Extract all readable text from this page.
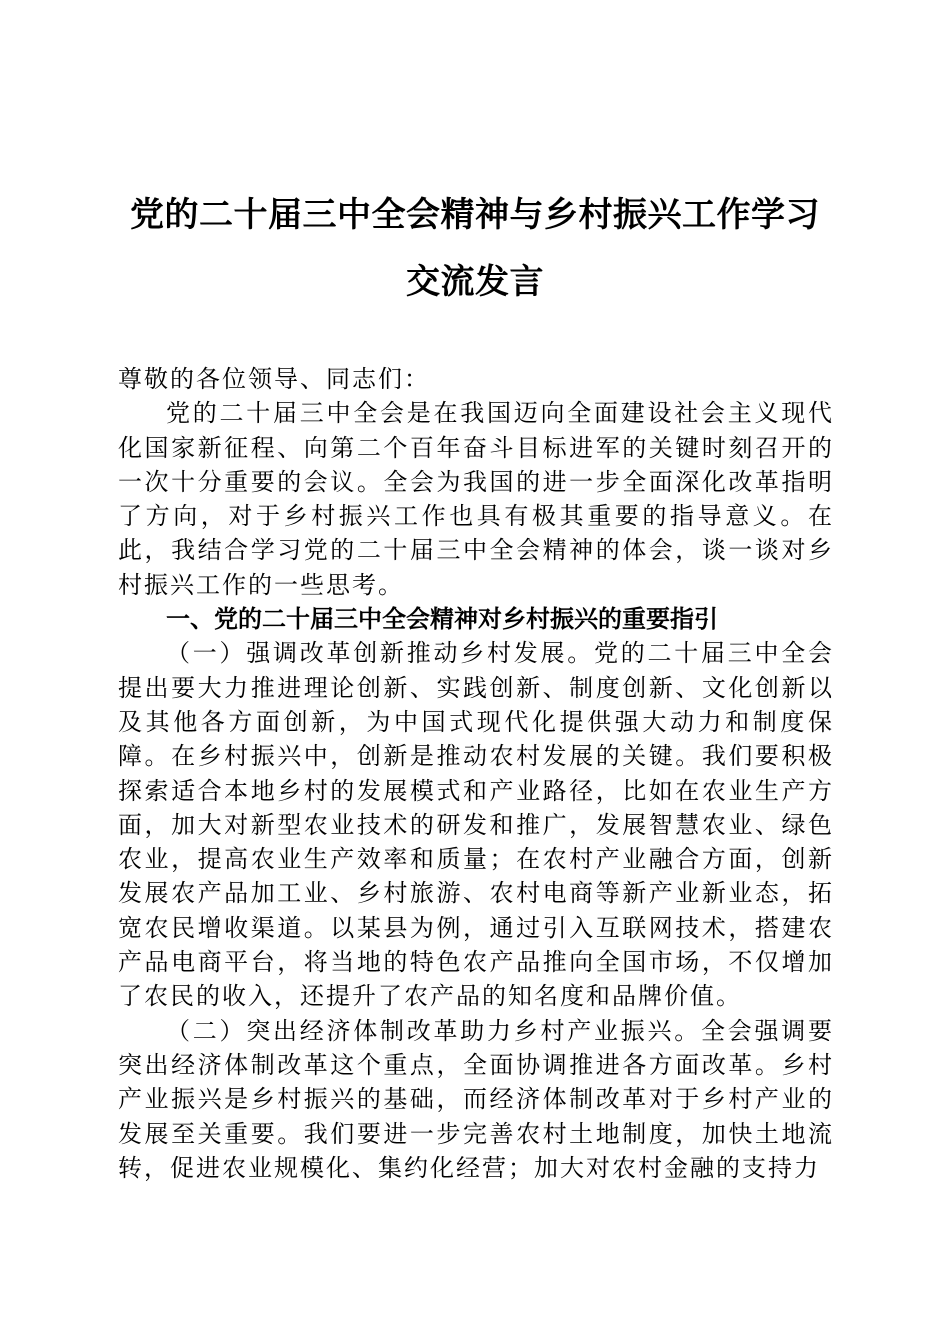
党的二十届三中全会精神与乡村振兴工作学习
交流发言

尊敬的各位领导、同志们：

党的二十届三中全会是在我国迈向全面建设社会主义现代化国家新征程、向第二个百年奋斗目标进军的关键时刻召开的一次十分重要的会议。全会为我国的进一步全面深化改革指明了方向，对于乡村振兴工作也具有极其重要的指导意义。在此，我结合学习党的二十届三中全会精神的体会，谈一谈对乡村振兴工作的一些思考。

一、党的二十届三中全会精神对乡村振兴的重要指引

（一）强调改革创新推动乡村发展。党的二十届三中全会提出要大力推进理论创新、实践创新、制度创新、文化创新以及其他各方面创新，为中国式现代化提供强大动力和制度保障。在乡村振兴中，创新是推动农村发展的关键。我们要积极探索适合本地乡村的发展模式和产业路径，比如在农业生产方面，加大对新型农业技术的研发和推广，发展智慧农业、绿色农业，提高农业生产效率和质量；在农村产业融合方面，创新发展农产品加工业、乡村旅游、农村电商等新产业新业态，拓宽农民增收渠道。以某县为例，通过引入互联网技术，搭建农产品电商平台，将当地的特色农产品推向全国市场，不仅增加了农民的收入，还提升了农产品的知名度和品牌价值。

（二）突出经济体制改革助力乡村产业振兴。全会强调要突出经济体制改革这个重点，全面协调推进各方面改革。乡村产业振兴是乡村振兴的基础，而经济体制改革对于乡村产业的发展至关重要。我们要进一步完善农村土地制度，加快土地流转，促进农业规模化、集约化经营；加大对农村金融的支持力
